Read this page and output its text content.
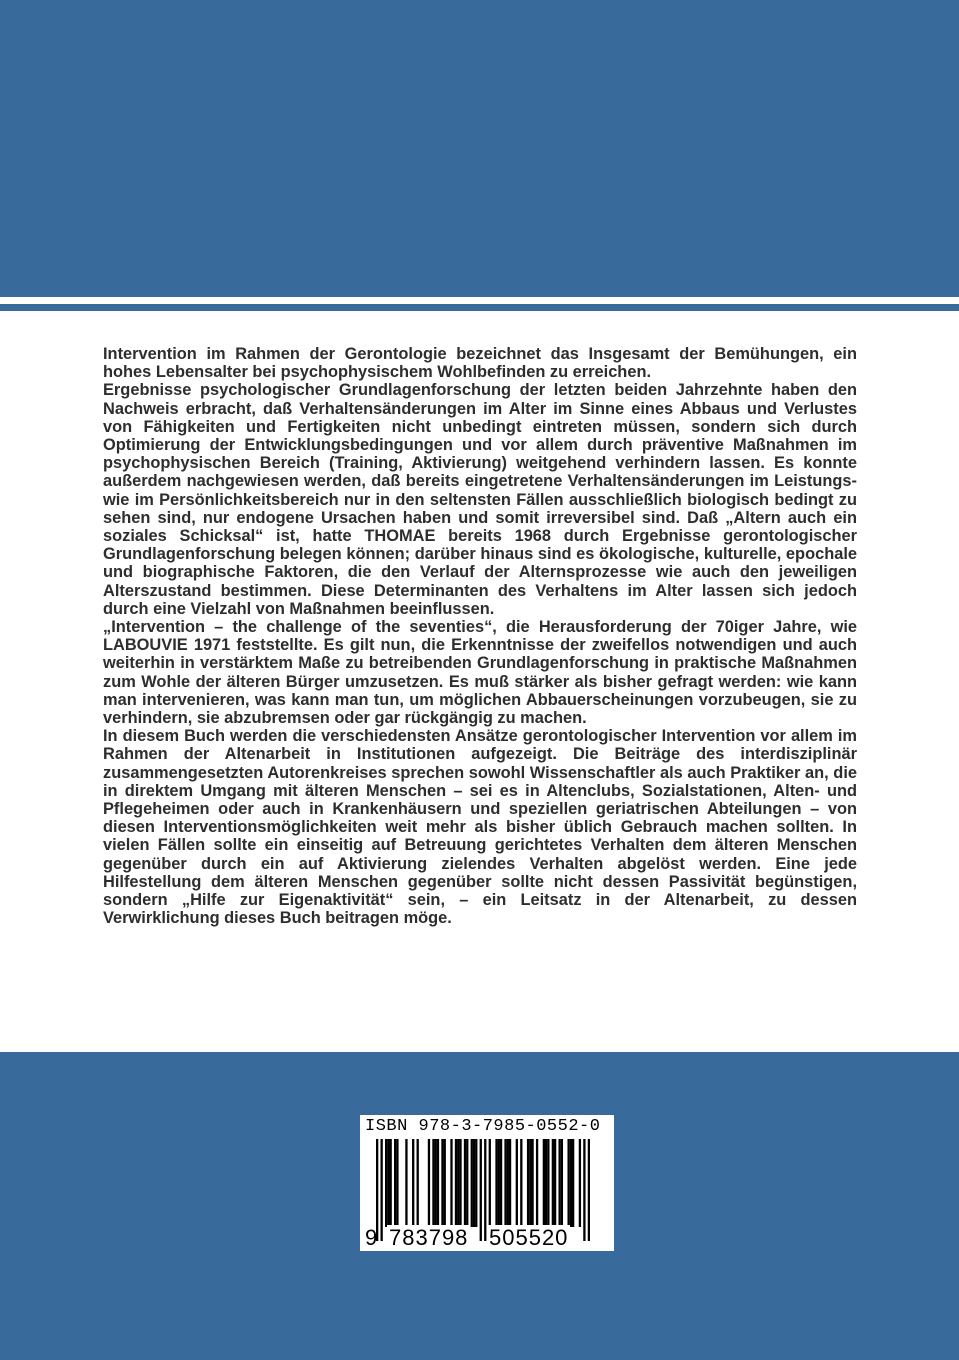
Intervention im Rahmen der Gerontologie bezeichnet das Insgesamt der Bemühungen, ein hohes Lebensalter bei psychophysischem Wohlbefinden zu erreichen.

Ergebnisse psychologischer Grundlagenforschung der letzten beiden Jahrzehnte haben den Nachweis erbracht, daß Verhaltensänderungen im Alter im Sinne eines Abbaus und Verlustes von Fähigkeiten und Fertigkeiten nicht unbedingt eintreten müssen, sondern sich durch Optimierung der Entwicklungsbedingungen und vor allem durch präventive Maßnahmen im psychophysischen Bereich (Training, Aktivierung) weitgehend verhindern lassen. Es konnte außerdem nachgewiesen werden, daß bereits eingetretene Verhaltensänderungen im Leistungs- wie im Persönlichkeitsbereich nur in den seltensten Fällen ausschließlich biologisch bedingt zu sehen sind, nur endogene Ursachen haben und somit irreversibel sind. Daß „Altern auch ein soziales Schicksal“ ist, hatte THOMAE bereits 1968 durch Ergebnisse gerontologischer Grundlagenforschung belegen können; darüber hinaus sind es ökologische, kulturelle, epochale und biographische Faktoren, die den Verlauf der Alternsprozesse wie auch den jeweiligen Alterszustand bestimmen. Diese Determinanten des Verhaltens im Alter lassen sich jedoch durch eine Vielzahl von Maßnahmen beeinflussen.

„Intervention – the challenge of the seventies“, die Herausforderung der 70iger Jahre, wie LABOUVIE 1971 feststellte. Es gilt nun, die Erkenntnisse der zweifellos notwendigen und auch weiterhin in verstärktem Maße zu betreibenden Grundlagenforschung in praktische Maßnahmen zum Wohle der älteren Bürger umzusetzen. Es muß stärker als bisher gefragt werden: wie kann man intervenieren, was kann man tun, um möglichen Abbauerscheinungen vorzubeugen, sie zu verhindern, sie abzubremsen oder gar rückgängig zu machen.

In diesem Buch werden die verschiedensten Ansätze gerontologischer Intervention vor allem im Rahmen der Altenarbeit in Institutionen aufgezeigt. Die Beiträge des interdisziplinär zusammengesetzten Autorenkreises sprechen sowohl Wissenschaftler als auch Praktiker an, die in direktem Umgang mit älteren Menschen – sei es in Altenclubs, Sozialstationen, Alten- und Pflegeheimen oder auch in Krankenhäusern und speziellen geriatrischen Abteilungen – von diesen Interventionsmöglichkeiten weit mehr als bisher üblich Gebrauch machen sollten. In vielen Fällen sollte ein einseitig auf Betreuung gerichtetes Verhalten dem älteren Menschen gegenüber durch ein auf Aktivierung zielendes Verhalten abgelöst werden. Eine jede Hilfestellung dem älteren Menschen gegenüber sollte nicht dessen Passivität begünstigen, sondern „Hilfe zur Eigenaktivität“ sein, – ein Leitsatz in der Altenarbeit, zu dessen Verwirklichung dieses Buch beitragen möge.

ISBN 978-3-7985-0552-0
9 783798 505520
